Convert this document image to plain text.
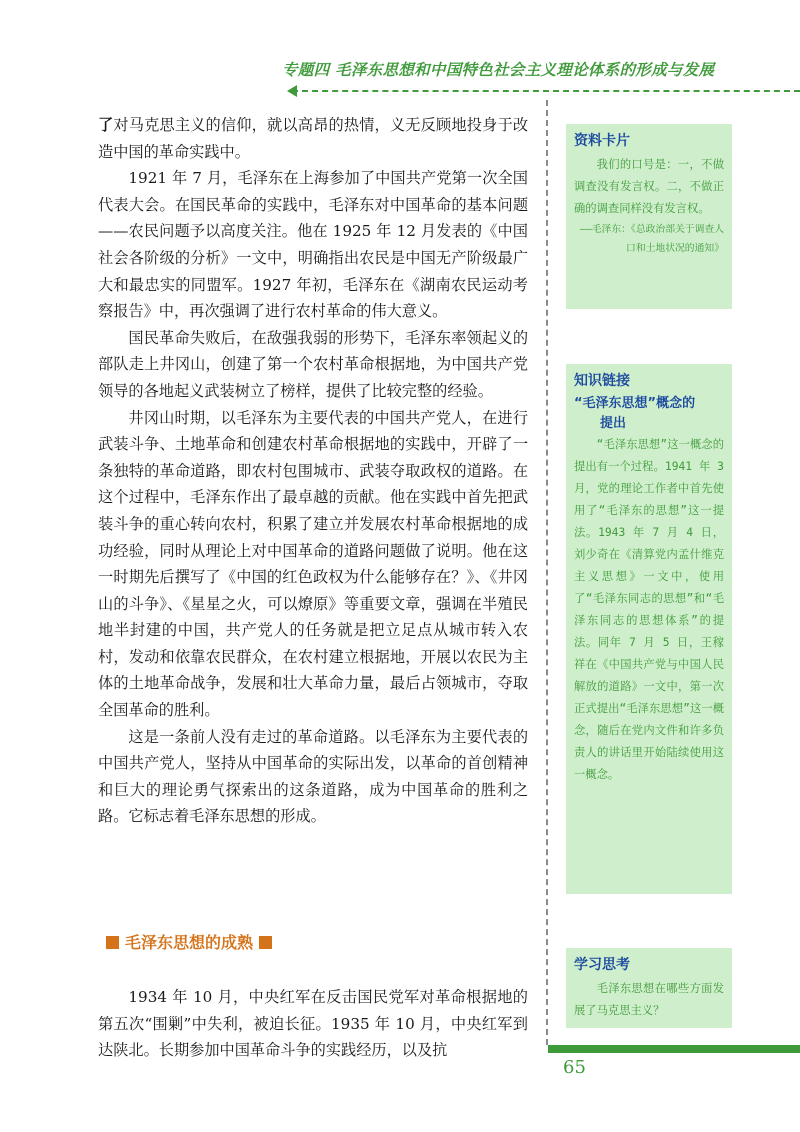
专题四 毛泽东思想和中国特色社会主义理论体系的形成与发展

了对马克思主义的信仰，就以高昂的热情，义无反顾地投身于改造中国的革命实践中。

1921 年 7 月，毛泽东在上海参加了中国共产党第一次全国代表大会。在国民革命的实践中，毛泽东对中国革命的基本问题——农民问题予以高度关注。他在 1925 年 12 月发表的《中国社会各阶级的分析》一文中，明确指出农民是中国无产阶级最广大和最忠实的同盟军。1927 年初，毛泽东在《湖南农民运动考察报告》中，再次强调了进行农村革命的伟大意义。

国民革命失败后，在敌强我弱的形势下，毛泽东率领起义的部队走上井冈山，创建了第一个农村革命根据地，为中国共产党领导的各地起义武装树立了榜样，提供了比较完整的经验。

井冈山时期，以毛泽东为主要代表的中国共产党人，在进行武装斗争、土地革命和创建农村革命根据地的实践中，开辟了一条独特的革命道路，即农村包围城市、武装夺取政权的道路。在这个过程中，毛泽东作出了最卓越的贡献。他在实践中首先把武装斗争的重心转向农村，积累了建立并发展农村革命根据地的成功经验，同时从理论上对中国革命的道路问题做了说明。他在这一时期先后撰写了《中国的红色政权为什么能够存在？》、《井冈山的斗争》、《星星之火，可以燎原》等重要文章，强调在半殖民地半封建的中国，共产党人的任务就是把立足点从城市转入农村，发动和依靠农民群众，在农村建立根据地，开展以农民为主体的土地革命战争，发展和壮大革命力量，最后占领城市，夺取全国革命的胜利。

这是一条前人没有走过的革命道路。以毛泽东为主要代表的中国共产党人，坚持从中国革命的实际出发，以革命的首创精神和巨大的理论勇气探索出的这条道路，成为中国革命的胜利之路。它标志着毛泽东思想的形成。

毛泽东思想的成熟

1934 年 10 月，中央红军在反击国民党军对革命根据地的第五次“围剿”中失利，被迫长征。1935 年 10 月，中央红军到达陕北。长期参加中国革命斗争的实践经历，以及抗

资料卡片

我们的口号是：一，不做调查没有发言权。二，不做正确的调查同样没有发言权。

——毛泽东：《总政治部关于调查人口和土地状况的通知》

知识链接
“毛泽东思想”概念的
提出

“毛泽东思想”这一概念的提出有一个过程。1941 年 3 月，党的理论工作者中首先使用了“毛泽东的思想”这一提法。1943 年 7 月 4 日，刘少奇在《清算党内孟什维克主义思想》一文中，使用了“毛泽东同志的思想”和“毛泽东同志的思想体系”的提法。同年 7 月 5 日，王稼祥在《中国共产党与中国人民解放的道路》一文中，第一次正式提出“毛泽东思想”这一概念，随后在党内文件和许多负责人的讲话里开始陆续使用这一概念。

学习思考

毛泽东思想在哪些方面发展了马克思主义？

65
